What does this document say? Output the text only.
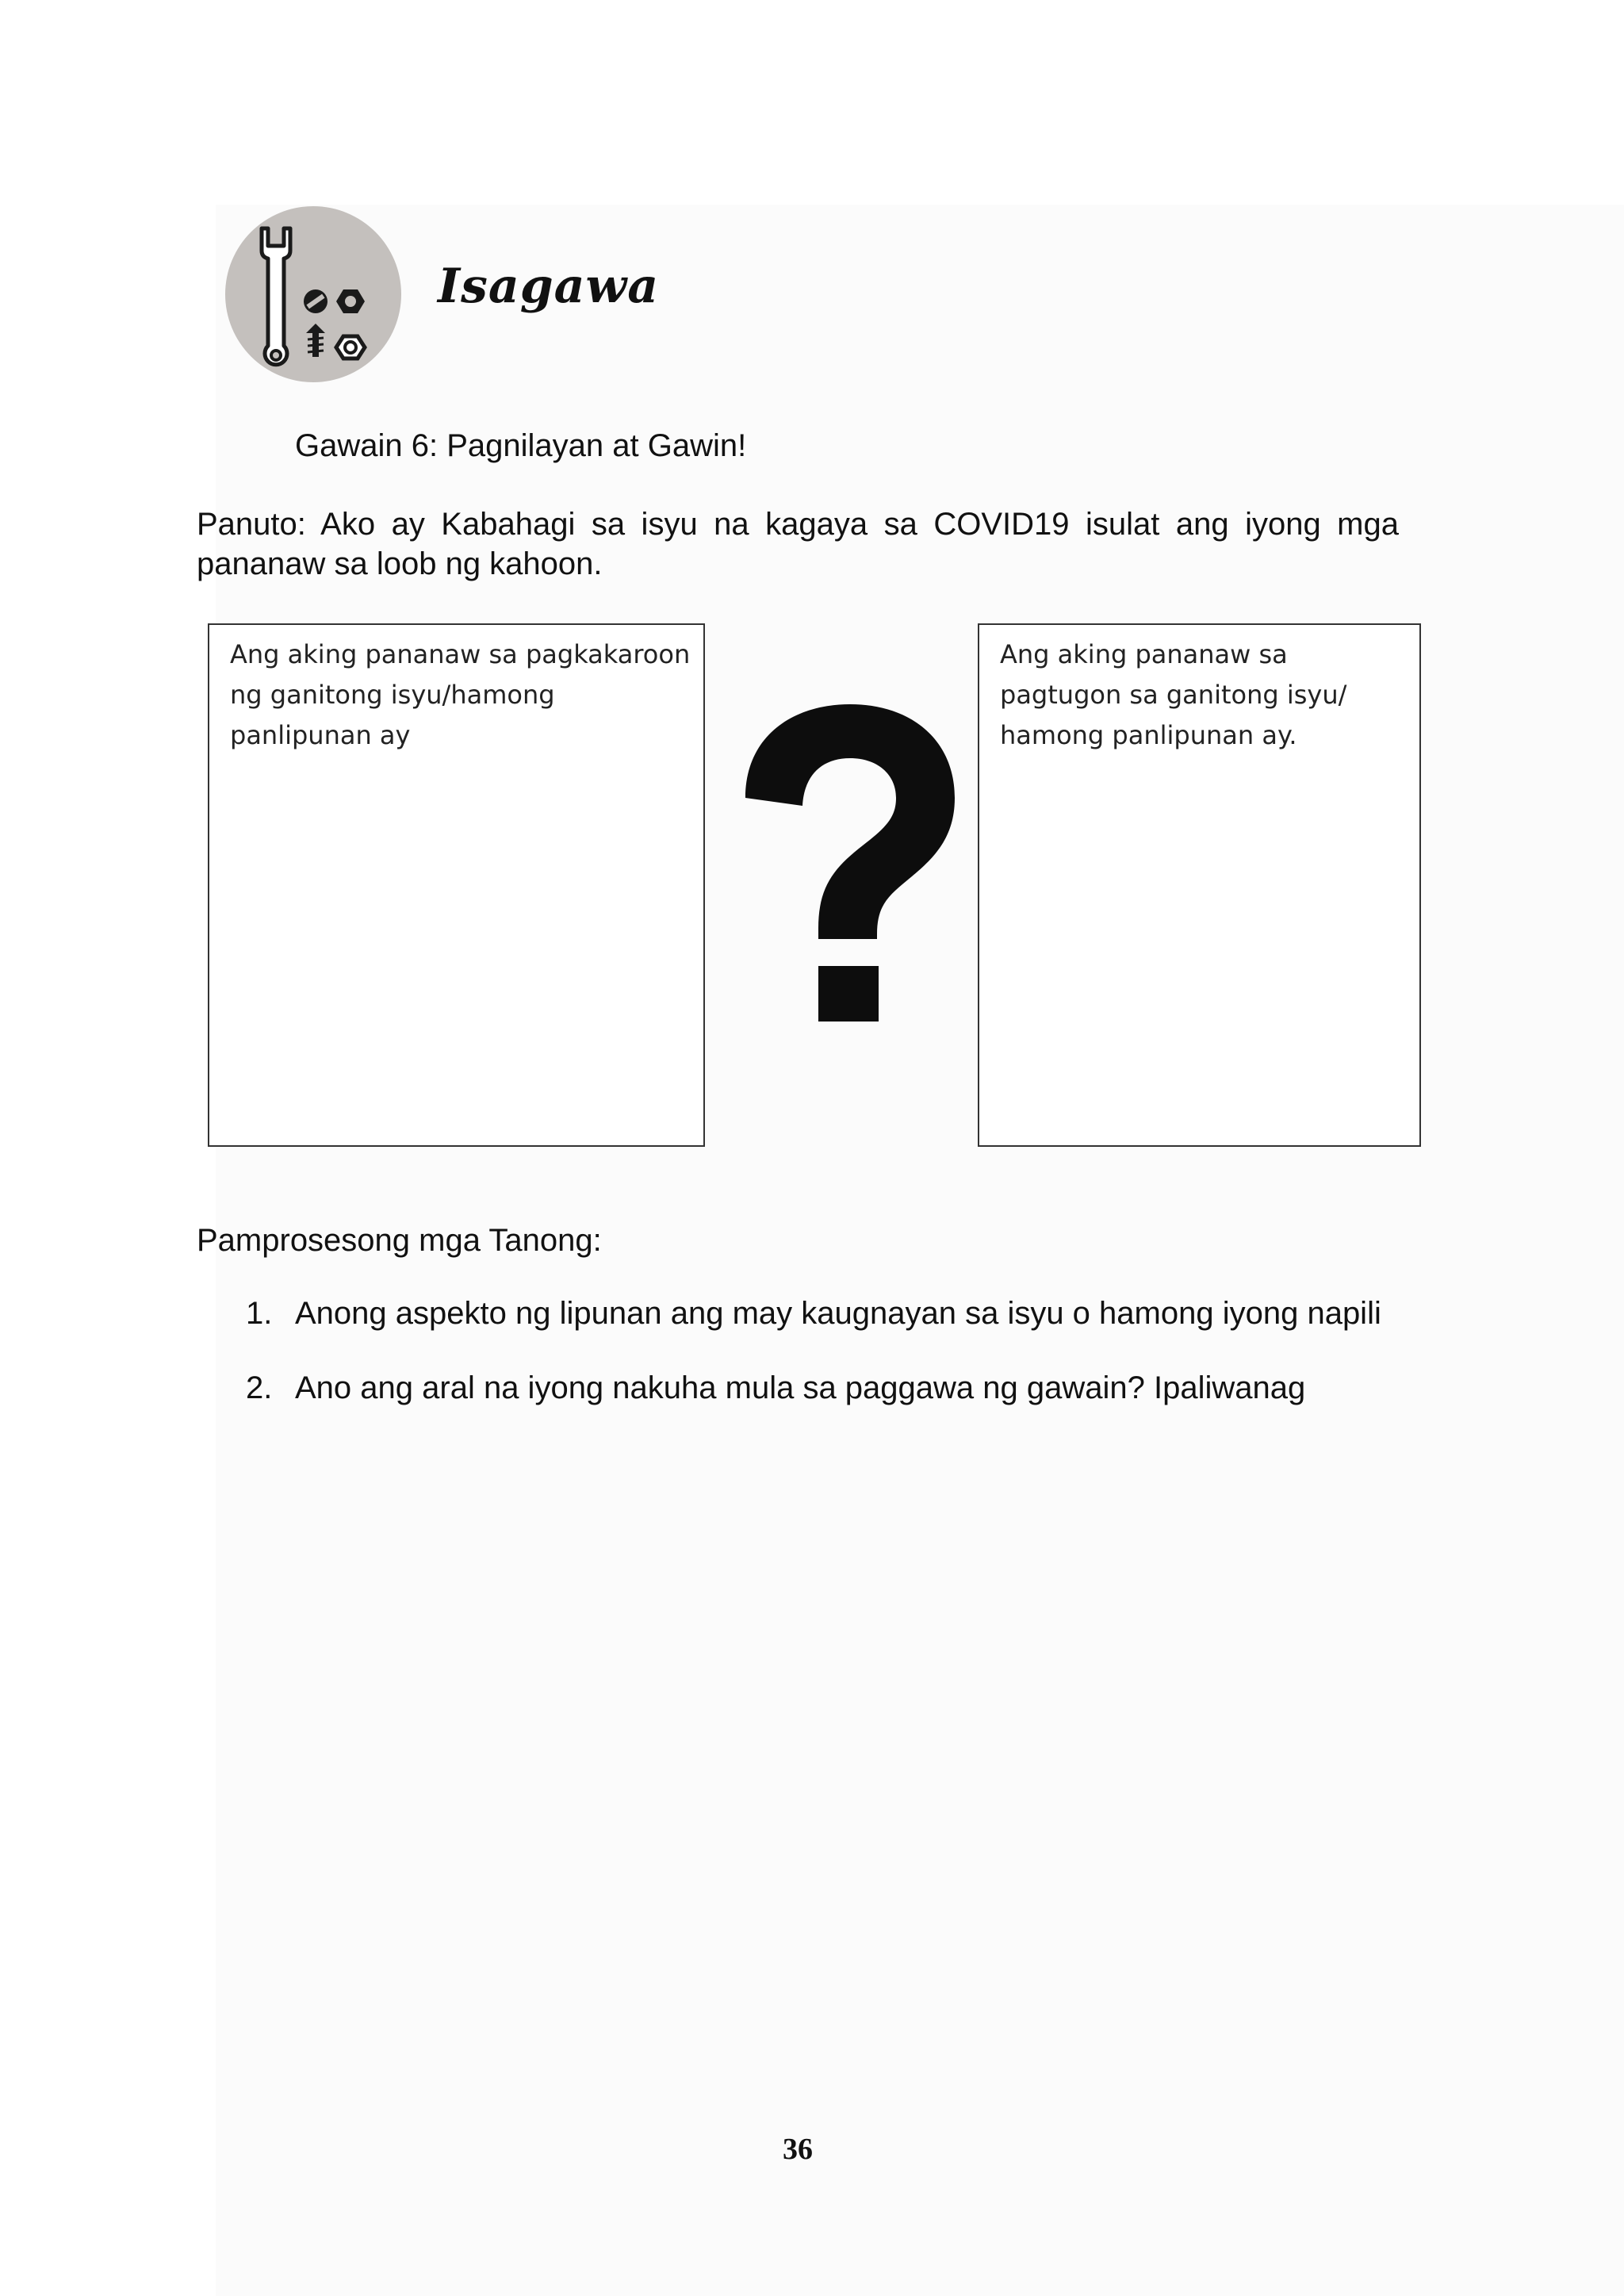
Isagawa
Gawain 6: Pagnilayan at Gawin!
Panuto: Ako ay Kabahagi sa isyu na kagaya sa COVID19 isulat ang iyong mga pananaw sa loob ng kahoon.
Ang aking pananaw sa pagkakaroon ng ganitong isyu/hamong panlipunan ay
Ang aking pananaw sa pagtugon sa ganitong isyu/ hamong panlipunan ay.
Pamprosesong mga Tanong:
1. Anong aspekto ng lipunan ang may kaugnayan sa isyu o hamong iyong napili
2. Ano ang aral na iyong nakuha mula sa paggawa ng gawain? Ipaliwanag
36
